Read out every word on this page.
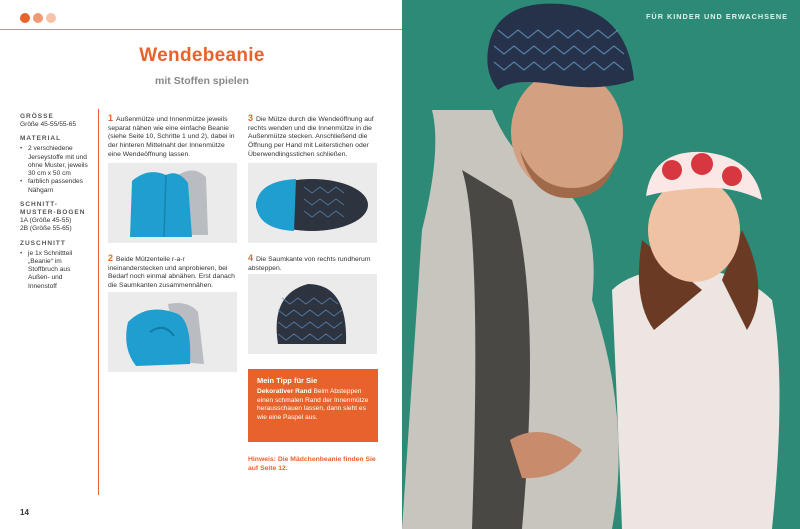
Wendebeanie
mit Stoffen spielen
GRÖSSE
Größe 45-55/55-65
MATERIAL
• 2 verschiedene Jerseystoffe mit und ohne Muster, jeweils 30 cm x 50 cm
• farblich passendes Nähgarn
SCHNITT-MUSTER-BOGEN
1A (Größe 45-55)
2B (Größe 55-65)
ZUSCHNITT
• je 1x Schnittteil „Beanie“ im Stoffbruch aus Außen- und Innenstoff
1 Außenmütze und Innenmütze jeweils separat nähen wie eine einfache Beanie (siehe Seite 10, Schritte 1 und 2), dabei in der hinteren Mittelnaht der Innenmütze eine Wendeöffnung lassen.
2 Beide Mützenteile r-a-r ineinanderstecken und anprobieren, bei Bedarf noch einmal abnähen. Erst danach die Saumkanten zusammennähen.
3 Die Mütze durch die Wendeöffnung auf rechts wenden und die Innenmütze in die Außenmütze stecken. Anschließend die Öffnung per Hand mit Leiterstichen oder Überwendlingsstichen schließen.
4 Die Saumkante von rechts rundherum absteppen.
Mein Tipp für Sie
Dekorativer Rand Beim Absteppen einen schmalen Rand der Innenmütze herausschauen lassen, dann sieht es wie eine Paspel aus.
Hinweis: Die Mädchenbeanie finden Sie auf Seite 12.
14
FÜR KINDER UND ERWACHSENE
